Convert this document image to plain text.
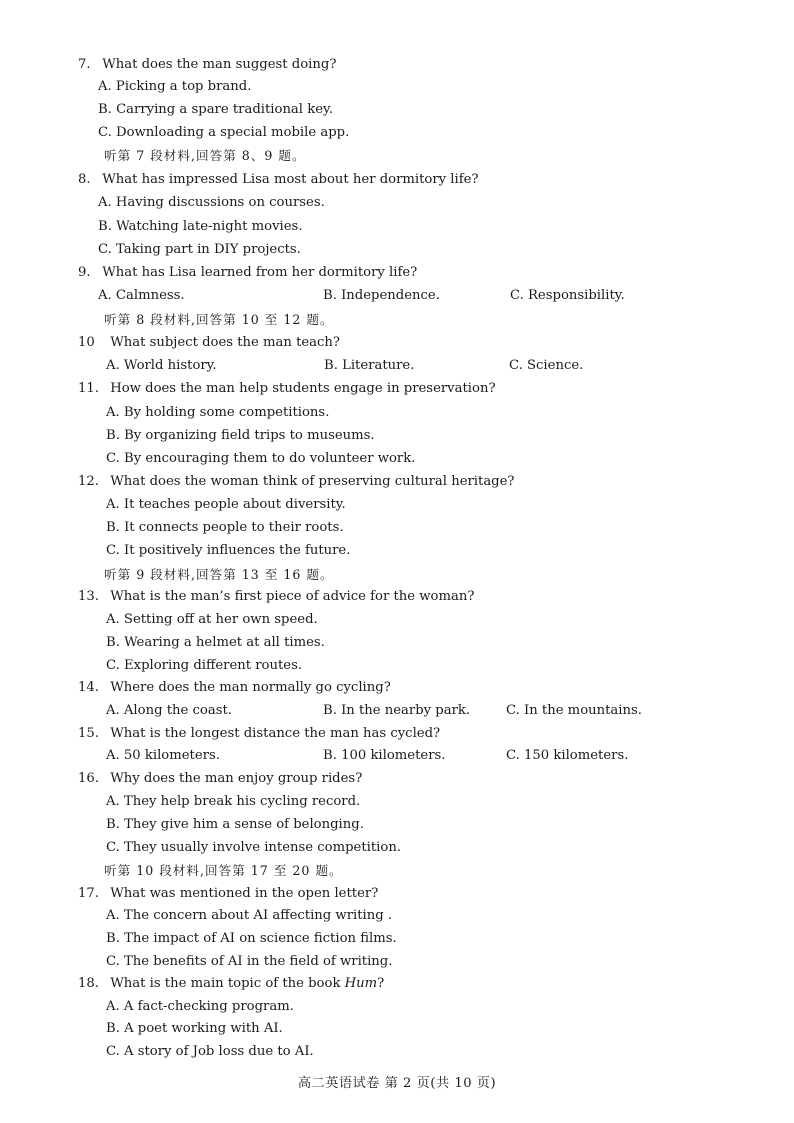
7. What does the man suggest doing?
A. Picking a top brand.
B. Carrying a spare traditional key.
C. Downloading a special mobile app.
听第 7 段材料,回答第 8、9 题。
8. What has impressed Lisa most about her dormitory life?
A. Having discussions on courses.
B. Watching late-night movies.
C. Taking part in DIY projects.
9. What has Lisa learned from her dormitory life?
A. Calmness.	B. Independence.	C. Responsibility.
听第 8 段材料,回答第 10 至 12 题。
10 What subject does the man teach?
A. World history.	B. Literature.	C. Science.
11. How does the man help students engage in preservation?
A. By holding some competitions.
B. By organizing field trips to museums.
C. By encouraging them to do volunteer work.
12. What does the woman think of preserving cultural heritage?
A. It teaches people about diversity.
B. It connects people to their roots.
C. It positively influences the future.
听第 9 段材料,回答第 13 至 16 题。
13. What is the man’s first piece of advice for the woman?
A. Setting off at her own speed.
B. Wearing a helmet at all times.
C. Exploring different routes.
14. Where does the man normally go cycling?
A. Along the coast.	B. In the nearby park.	C. In the mountains.
15. What is the longest distance the man has cycled?
A. 50 kilometers.	B. 100 kilometers.	C. 150 kilometers.
16. Why does the man enjoy group rides?
A. They help break his cycling record.
B. They give him a sense of belonging.
C. They usually involve intense competition.
听第 10 段材料,回答第 17 至 20 题。
17. What was mentioned in the open letter?
A. The concern about AI affecting writing .
B. The impact of AI on science fiction films.
C. The benefits of AI in the field of writing.
18. What is the main topic of the book Hum?
A. A fact-checking program.
B. A poet working with AI.
C. A story of Job loss due to AI.
高二英语试卷 第 2 页(共 10 页)
